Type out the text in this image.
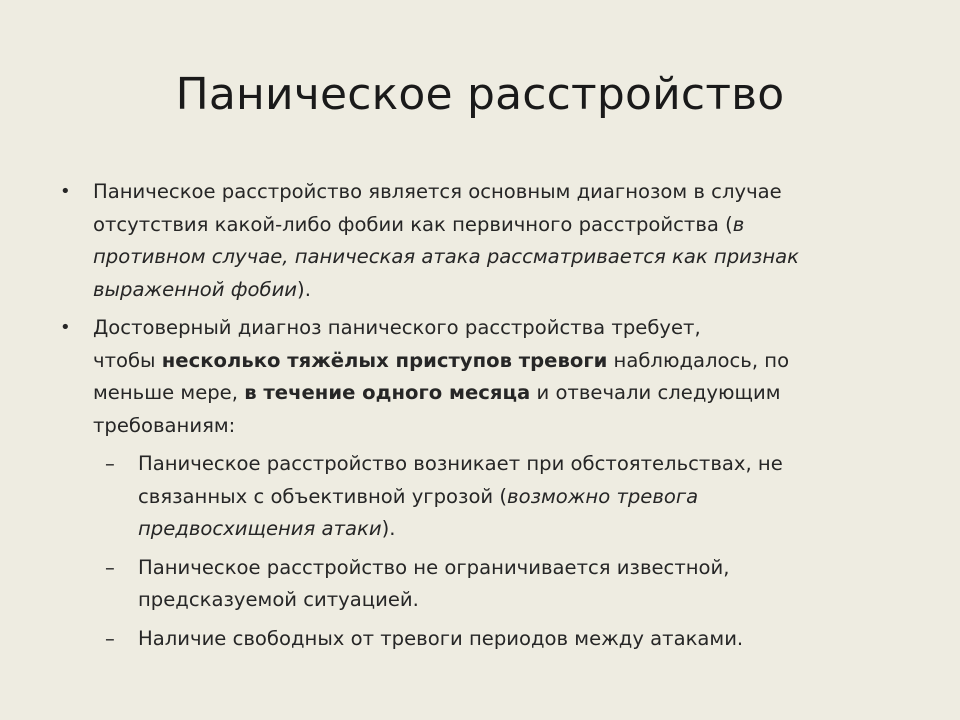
Паническое расстройство
•	Паническое расстройство является основным диагнозом в случае
отсутствия какой-либо фобии как первичного расстройства (в
противном случае, паническая атака рассматривается как признак
выраженной фобии).
•	Достоверный диагноз панического расстройства требует,
чтобы несколько тяжёлых приступов тревоги наблюдалось, по
меньше мере, в течение одного месяца и отвечали следующим
требованиям:
–	Паническое расстройство возникает при обстоятельствах, не
связанных с объективной угрозой (возможно тревога
предвосхищения атаки).
–	Паническое расстройство не ограничивается известной,
предсказуемой ситуацией.
–	Наличие свободных от тревоги периодов между атаками.
